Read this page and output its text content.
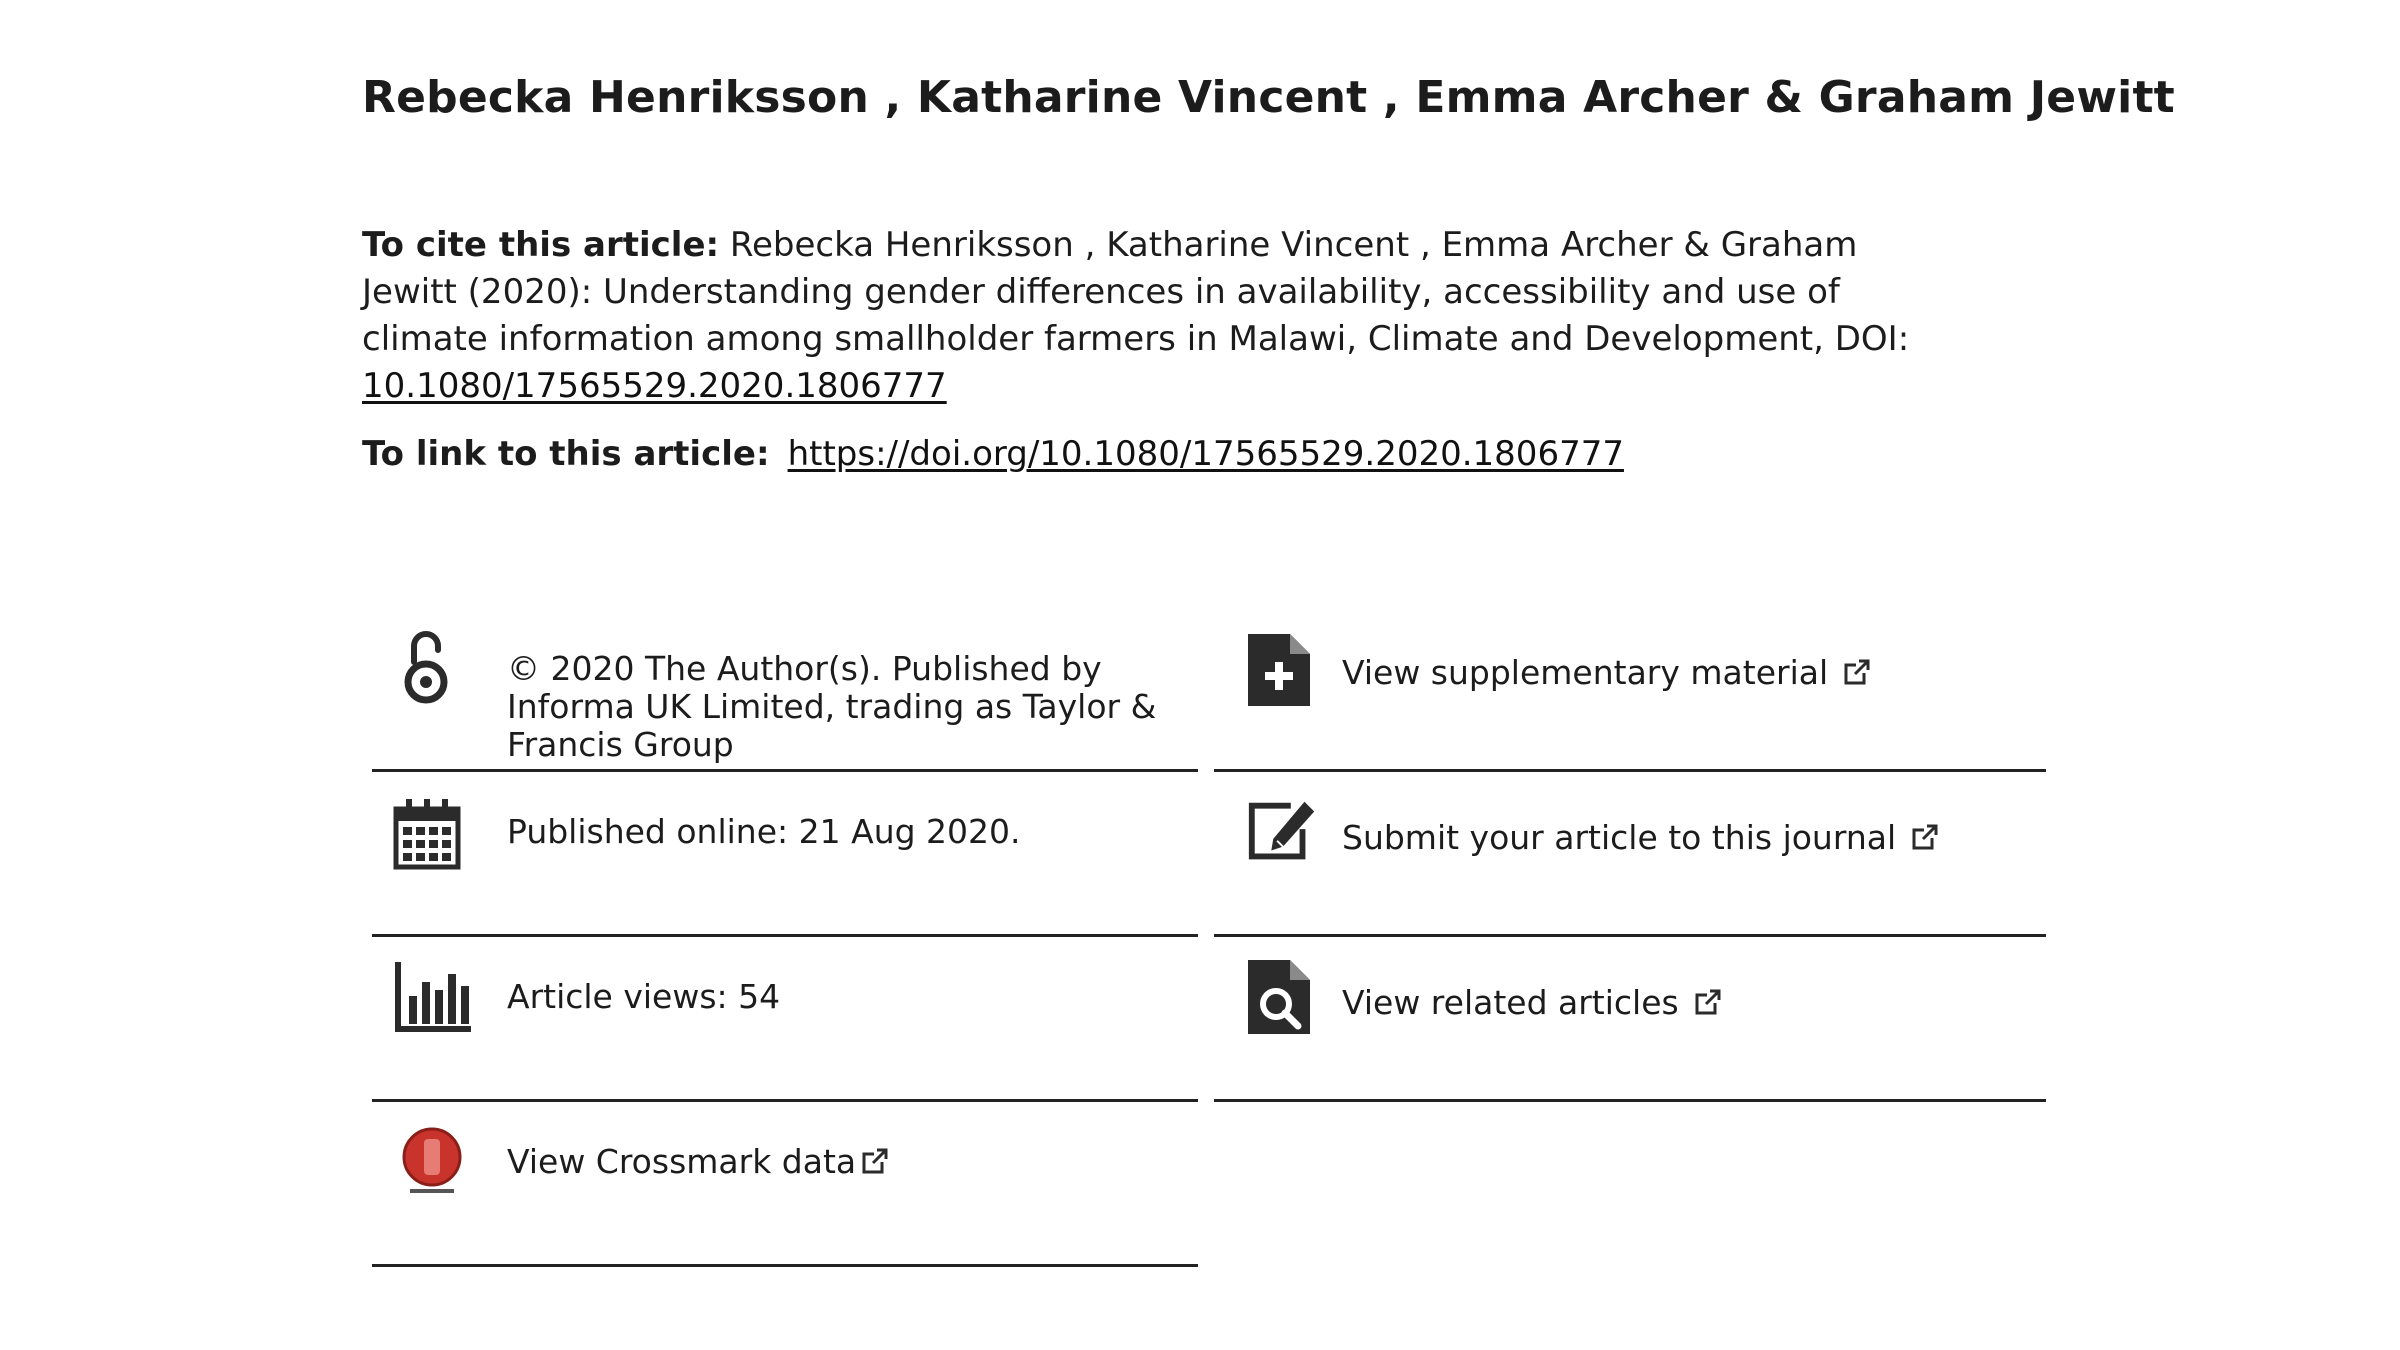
Rebecka Henriksson , Katharine Vincent , Emma Archer & Graham Jewitt
To cite this article: Rebecka Henriksson , Katharine Vincent , Emma Archer & Graham Jewitt (2020): Understanding gender differences in availability, accessibility and use of climate information among smallholder farmers in Malawi, Climate and Development, DOI: 10.1080/17565529.2020.1806777
To link to this article: https://doi.org/10.1080/17565529.2020.1806777
© 2020 The Author(s). Published by Informa UK Limited, trading as Taylor & Francis Group
Published online: 21 Aug 2020.
Article views: 54
View Crossmark data
View supplementary material
Submit your article to this journal
View related articles
